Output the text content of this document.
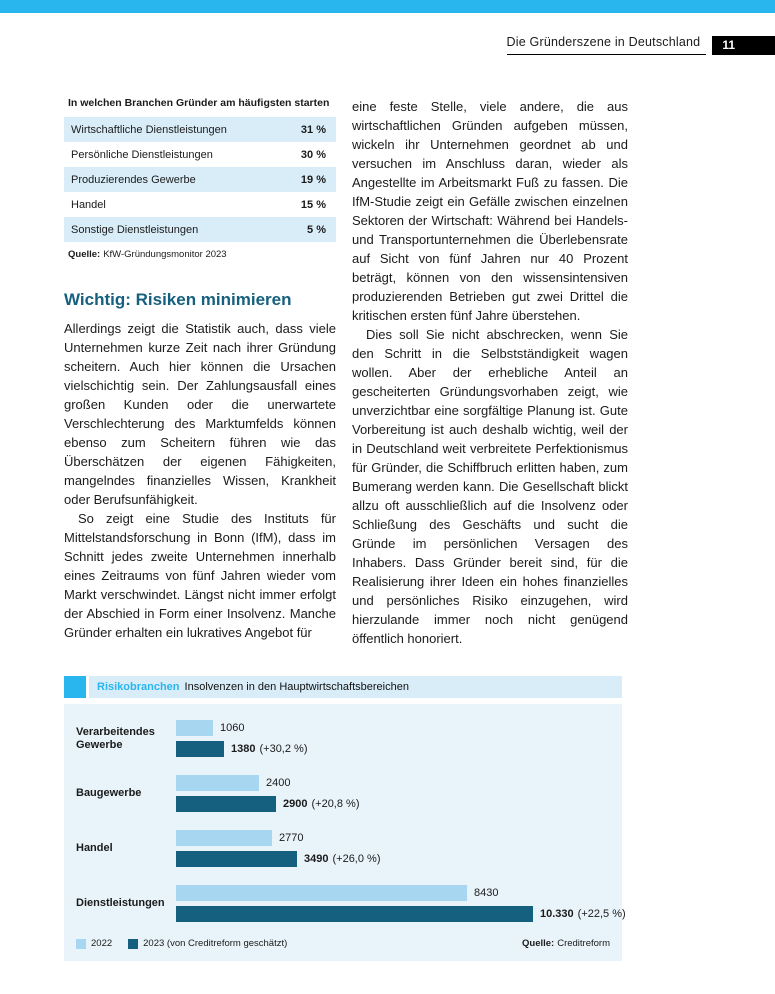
Die Gründerszene in Deutschland	11
In welchen Branchen Gründer am häufigsten starten
Wirtschaftliche Dienstleistungen	31 %
Persönliche Dienstleistungen	30 %
Produzierendes Gewerbe	19 %
Handel	15 %
Sonstige Dienstleistungen	5 %
Quelle: KfW-Gründungsmonitor 2023
Wichtig: Risiken minimieren

Allerdings zeigt die Statistik auch, dass viele Unternehmen kurze Zeit nach ihrer Gründung scheitern. Auch hier können die Ursachen vielschichtig sein. Der Zahlungsausfall eines großen Kunden oder die unerwartete Verschlechterung des Marktumfelds können ebenso zum Scheitern führen wie das Überschätzen der eigenen Fähigkeiten, mangelndes finanzielles Wissen, Krankheit oder Berufsunfähigkeit.

So zeigt eine Studie des Instituts für Mittelstandsforschung in Bonn (IfM), dass im Schnitt jedes zweite Unternehmen innerhalb eines Zeitraums von fünf Jahren wieder vom Markt verschwindet. Längst nicht immer erfolgt der Abschied in Form einer Insolvenz. Manche Gründer erhalten ein lukratives Angebot für

eine feste Stelle, viele andere, die aus wirtschaftlichen Gründen aufgeben müssen, wickeln ihr Unternehmen geordnet ab und versuchen im Anschluss daran, wieder als Angestellte im Arbeitsmarkt Fuß zu fassen. Die IfM-Studie zeigt ein Gefälle zwischen einzelnen Sektoren der Wirtschaft: Während bei Handels- und Transportunternehmen die Überlebensrate auf Sicht von fünf Jahren nur 40 Prozent beträgt, können von den wissensintensiven produzierenden Betrieben gut zwei Drittel die kritischen ersten fünf Jahre überstehen.

Dies soll Sie nicht abschrecken, wenn Sie den Schritt in die Selbstständigkeit wagen wollen. Aber der erhebliche Anteil an gescheiterten Gründungsvorhaben zeigt, wie unverzichtbar eine sorgfältige Planung ist. Gute Vorbereitung ist auch deshalb wichtig, weil der in Deutschland weit verbreitete Perfektionismus für Gründer, die Schiffbruch erlitten haben, zum Bumerang werden kann. Die Gesellschaft blickt allzu oft ausschließlich auf die Insolvenz oder Schließung des Geschäfts und sucht die Gründe im persönlichen Versagen des Inhabers. Dass Gründer bereit sind, für die Realisierung ihrer Ideen ein hohes finanzielles und persönliches Risiko einzugehen, wird hierzulande immer noch nicht genügend öffentlich honoriert.

Risikobranchen Insolvenzen in den Hauptwirtschaftsbereichen
Verarbeitendes Gewerbe
1060
1380 (+30,2 %)
Baugewerbe
2400
2900 (+20,8 %)
Handel
2770
3490 (+26,0 %)
Dienstleistungen
8430
10.330 (+22,5 %)
2022	2023 (von Creditreform geschätzt)	Quelle: Creditreform
